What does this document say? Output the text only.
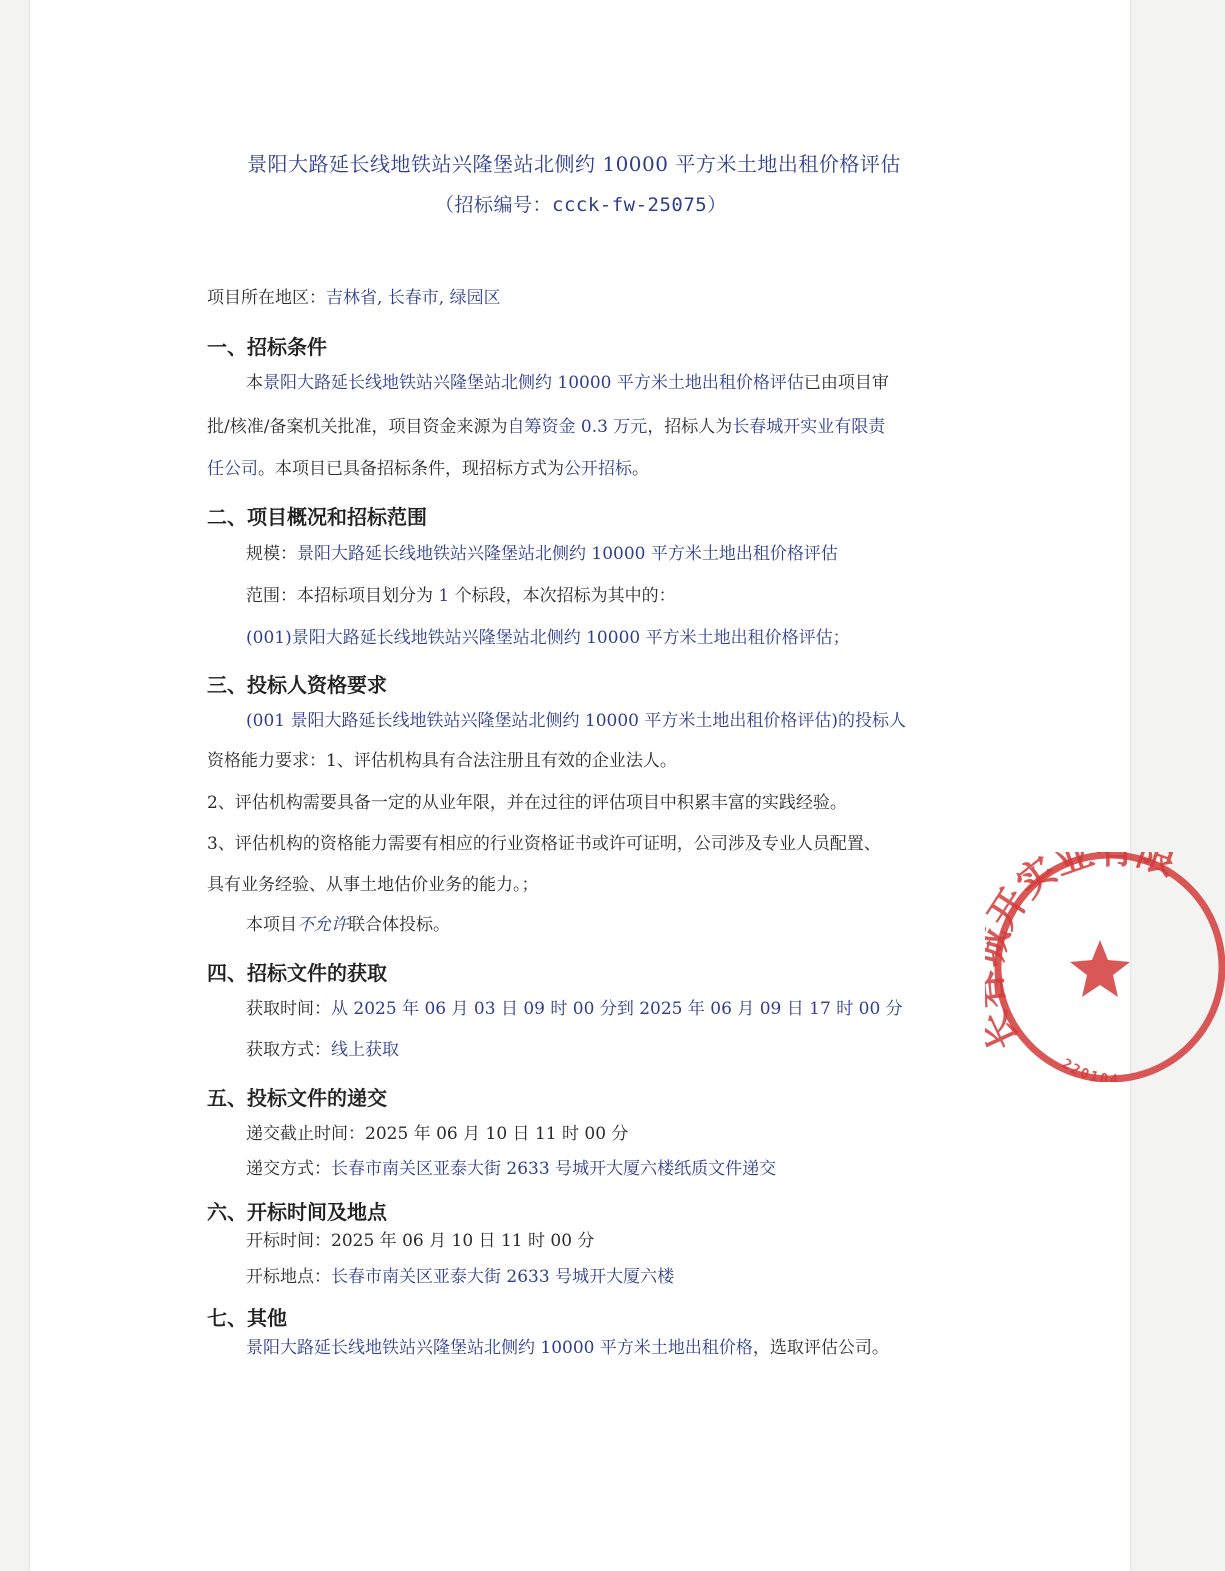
景阳大路延长线地铁站兴隆堡站北侧约 10000 平方米土地出租价格评估
（招标编号：ccck-fw-25075）
项目所在地区：吉林省, 长春市, 绿园区
一、招标条件
本景阳大路延长线地铁站兴隆堡站北侧约 10000 平方米土地出租价格评估已由项目审
批/核准/备案机关批准，项目资金来源为自筹资金 0.3 万元，招标人为长春城开实业有限责
任公司。本项目已具备招标条件，现招标方式为公开招标。
二、项目概况和招标范围
规模：景阳大路延长线地铁站兴隆堡站北侧约 10000 平方米土地出租价格评估
范围：本招标项目划分为 1 个标段，本次招标为其中的：
(001)景阳大路延长线地铁站兴隆堡站北侧约 10000 平方米土地出租价格评估；
三、投标人资格要求
(001 景阳大路延长线地铁站兴隆堡站北侧约 10000 平方米土地出租价格评估)的投标人
资格能力要求：1、评估机构具有合法注册且有效的企业法人。
2、评估机构需要具备一定的从业年限，并在过往的评估项目中积累丰富的实践经验。
3、评估机构的资格能力需要有相应的行业资格证书或许可证明，公司涉及专业人员配置、
具有业务经验、从事土地估价业务的能力。；
本项目不允许联合体投标。
四、招标文件的获取
获取时间：从 2025 年 06 月 03 日 09 时 00 分到 2025 年 06 月 09 日 17 时 00 分
获取方式：线上获取
五、投标文件的递交
递交截止时间：2025 年 06 月 10 日 11 时 00 分
递交方式：长春市南关区亚泰大街 2633 号城开大厦六楼纸质文件递交
六、开标时间及地点
开标时间：2025 年 06 月 10 日 11 时 00 分
开标地点：长春市南关区亚泰大街 2633 号城开大厦六楼
七、其他
景阳大路延长线地铁站兴隆堡站北侧约 10000 平方米土地出租价格，选取评估公司。
实业 限
220104
